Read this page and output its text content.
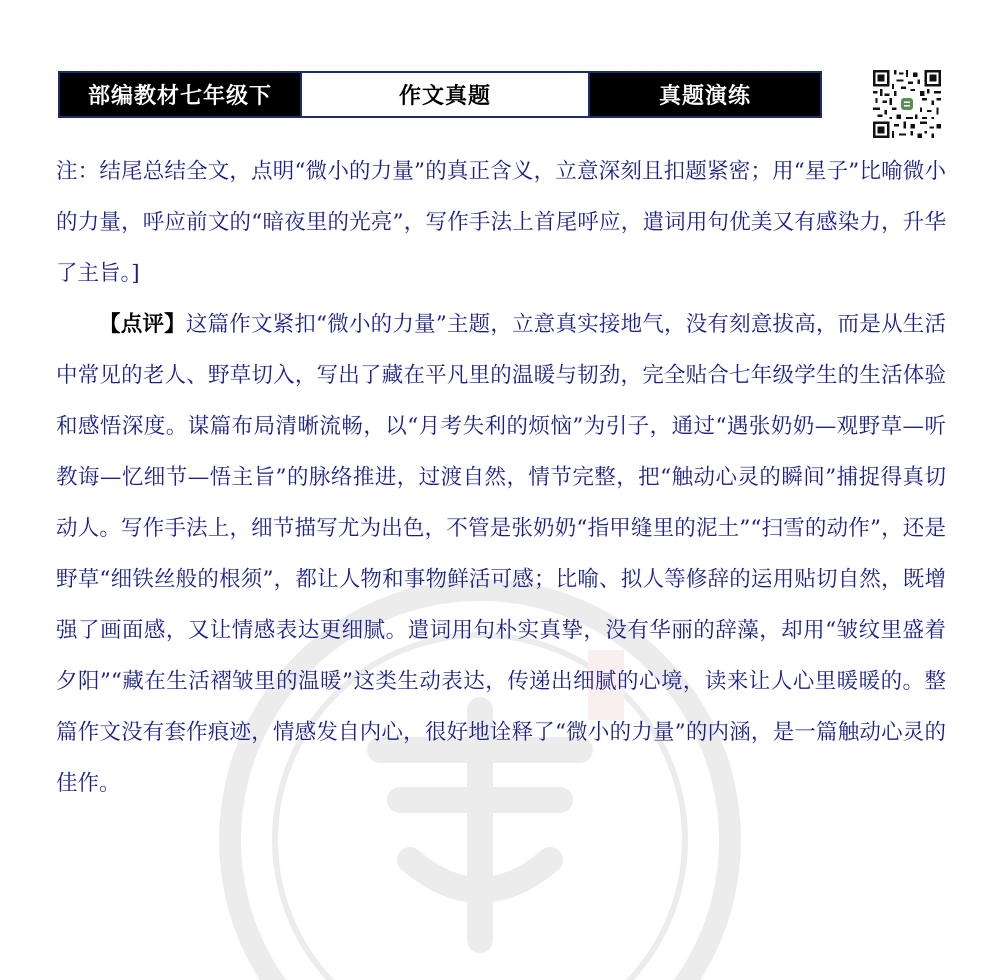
部编教材七年级下	作文真题	真题演练

注：结尾总结全文，点明“微小的力量”的真正含义，立意深刻且扣题紧密；用“星子”比喻微小的力量，呼应前文的“暗夜里的光亮”，写作手法上首尾呼应，遣词用句优美又有感染力，升华了主旨。]

【点评】这篇作文紧扣“微小的力量”主题，立意真实接地气，没有刻意拔高，而是从生活中常见的老人、野草切入，写出了藏在平凡里的温暖与韧劲，完全贴合七年级学生的生活体验和感悟深度。谋篇布局清晰流畅，以“月考失利的烦恼”为引子，通过“遇张奶奶—观野草—听教诲—忆细节—悟主旨”的脉络推进，过渡自然，情节完整，把“触动心灵的瞬间”捕捉得真切动人。写作手法上，细节描写尤为出色，不管是张奶奶“指甲缝里的泥土”“扫雪的动作”，还是野草“细铁丝般的根须”，都让人物和事物鲜活可感；比喻、拟人等修辞的运用贴切自然，既增强了画面感，又让情感表达更细腻。遣词用句朴实真挚，没有华丽的辞藻，却用“皱纹里盛着夕阳”“藏在生活褶皱里的温暖”这类生动表达，传递出细腻的心境，读来让人心里暖暖的。整篇作文没有套作痕迹，情感发自内心，很好地诠释了“微小的力量”的内涵，是一篇触动心灵的佳作。
